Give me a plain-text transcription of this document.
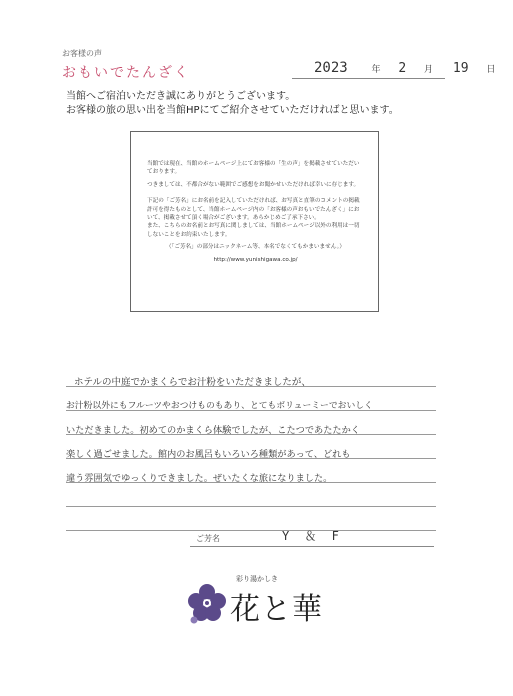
お客様の声
おもいでたんざく	2023	年 2 月 19 日
当館へご宿泊いただき誠にありがとうございます。
お客様の旅の思い出を当館HPにてご紹介させていただければと思います。

当館では現在、当館のホームページ上にてお客様の「生の声」を掲載させていただいております。

つきましては、不都合がない範囲でご感想をお聞かせいただければ幸いに存じます。

下記の「ご芳名」にお名前を記入していただければ、お写真と直筆のコメントの掲載許可を得たものとして、当館ホームページ内の「お客様の声おもいでたんざく」において、掲載させて頂く場合がございます。あらかじめご了承下さい。

また、こちらのお名前とお写真に関しましては、当館ホームページ以外の利用は一切しないことをお約束いたします。

（「ご芳名」の部分はニックネーム等、本名でなくてもかまいません。）

http://www.yunishigawa.co.jp/

ホテルの中庭でかまくらでお汁粉をいただきましたが、
お汁粉以外にもフルーツやおつけものもあり、とてもボリューミーでおいしく
いただきました。初めてのかまくら体験でしたが、こたつであたたかく
楽しく過ごせました。館内のお風呂もいろいろ種類があって、どれも
違う雰囲気でゆっくりできました。ぜいたくな旅になりました。
ご芳名	Y ＆ F
彩り湯かしき
花と華
